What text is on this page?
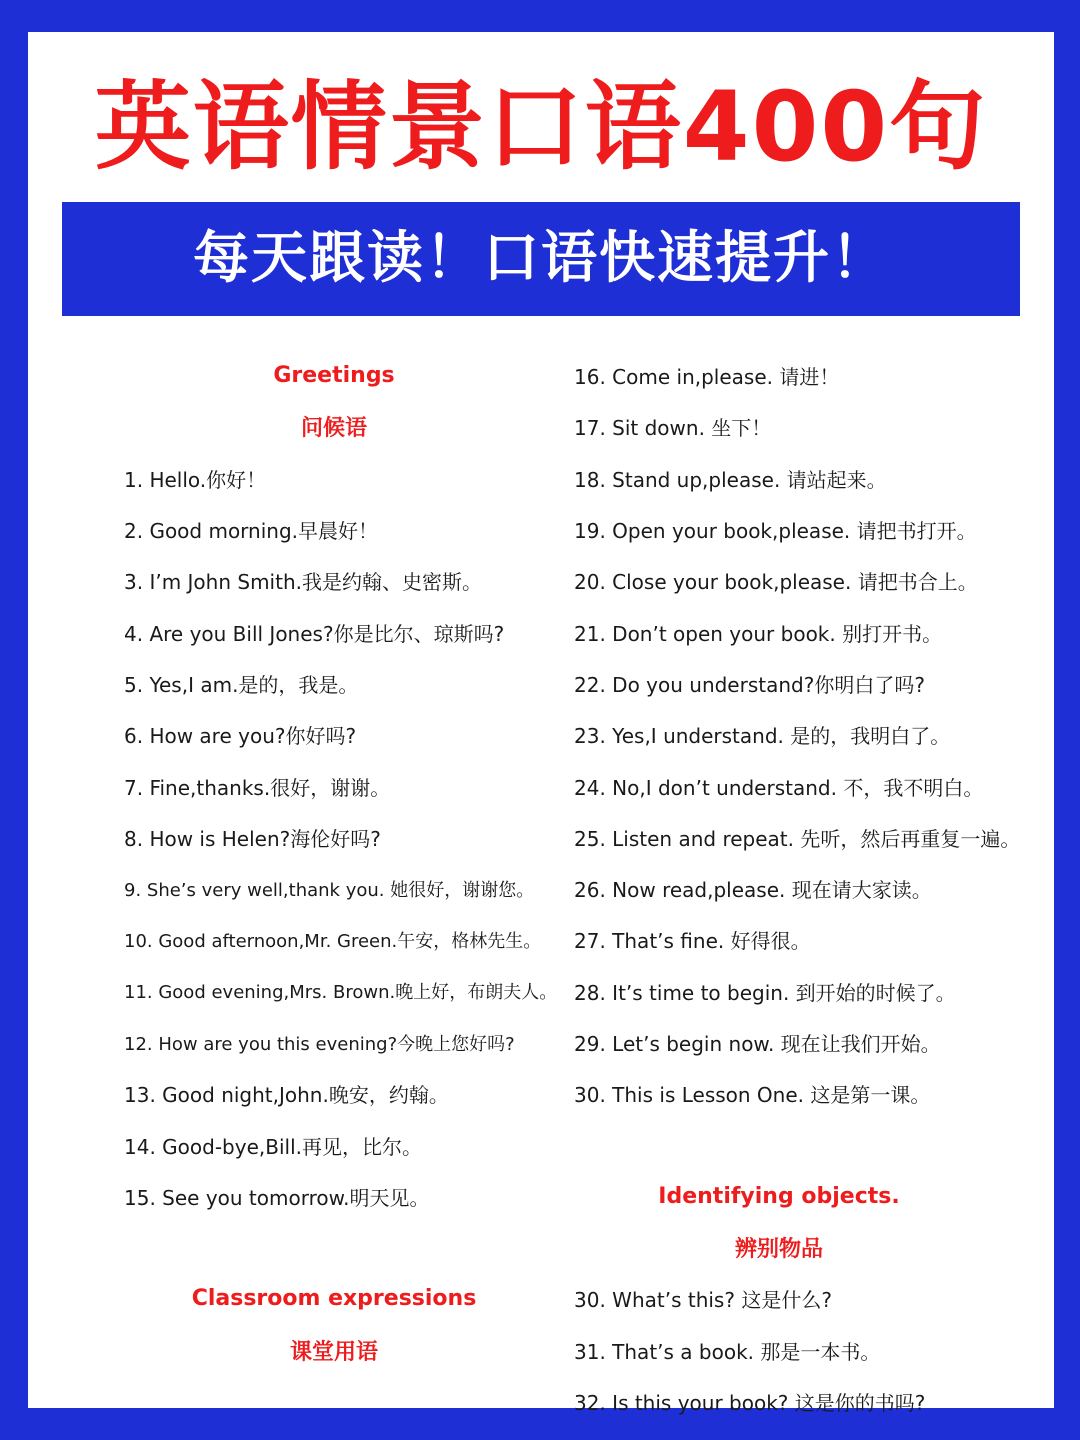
英语情景口语400句
每天跟读！口语快速提升！
Greetings
问候语
1. Hello.你好！
2. Good morning.早晨好！
3. I’m John Smith.我是约翰、史密斯。
4. Are you Bill Jones?你是比尔、琼斯吗?
5. Yes,I am.是的，我是。
6. How are you?你好吗?
7. Fine,thanks.很好，谢谢。
8. How is Helen?海伦好吗?
9. She’s very well,thank you. 她很好，谢谢您。
10. Good afternoon,Mr. Green.午安，格林先生。
11. Good evening,Mrs. Brown.晚上好，布朗夫人。
12. How are you this evening?今晚上您好吗?
13. Good night,John.晚安，约翰。
14. Good-bye,Bill.再见，比尔。
15. See you tomorrow.明天见。
Classroom expressions
课堂用语
16. Come in,please. 请进！
17. Sit down. 坐下！
18. Stand up,please. 请站起来。
19. Open your book,please. 请把书打开。
20. Close your book,please. 请把书合上。
21. Don’t open your book. 别打开书。
22. Do you understand?你明白了吗?
23. Yes,I understand. 是的，我明白了。
24. No,I don’t understand. 不，我不明白。
25. Listen and repeat. 先听，然后再重复一遍。
26. Now read,please. 现在请大家读。
27. That’s fine. 好得很。
28. It’s time to begin. 到开始的时候了。
29. Let’s begin now. 现在让我们开始。
30. This is Lesson One. 这是第一课。
Identifying objects.
辨别物品
30. What’s this? 这是什么?
31. That’s a book. 那是一本书。
32. Is this your book? 这是你的书吗?
